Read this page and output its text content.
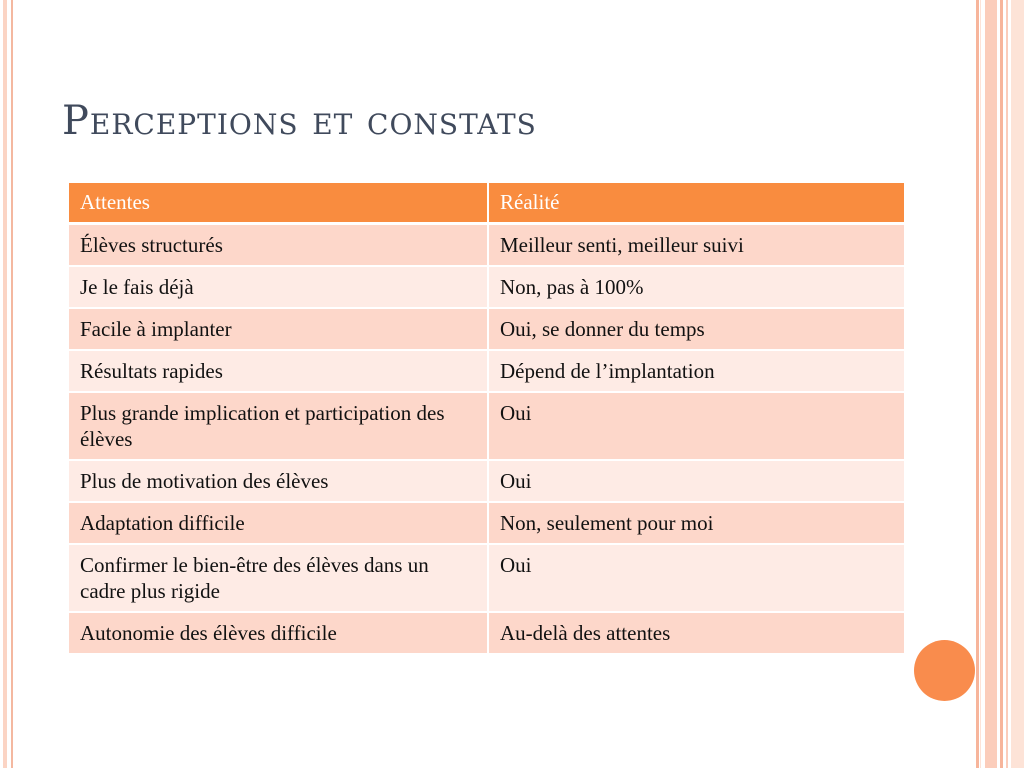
Perceptions et constats
Attentes	Réalité
Élèves structurés	Meilleur senti, meilleur suivi
Je le fais déjà	Non, pas à 100%
Facile à implanter	Oui, se donner du temps
Résultats rapides	Dépend de l’implantation
Plus grande implication et participation des élèves	Oui
Plus de motivation des élèves	Oui
Adaptation difficile	Non, seulement pour moi
Confirmer le bien-être des élèves dans un cadre plus rigide	Oui
Autonomie des élèves difficile	Au-delà des attentes
